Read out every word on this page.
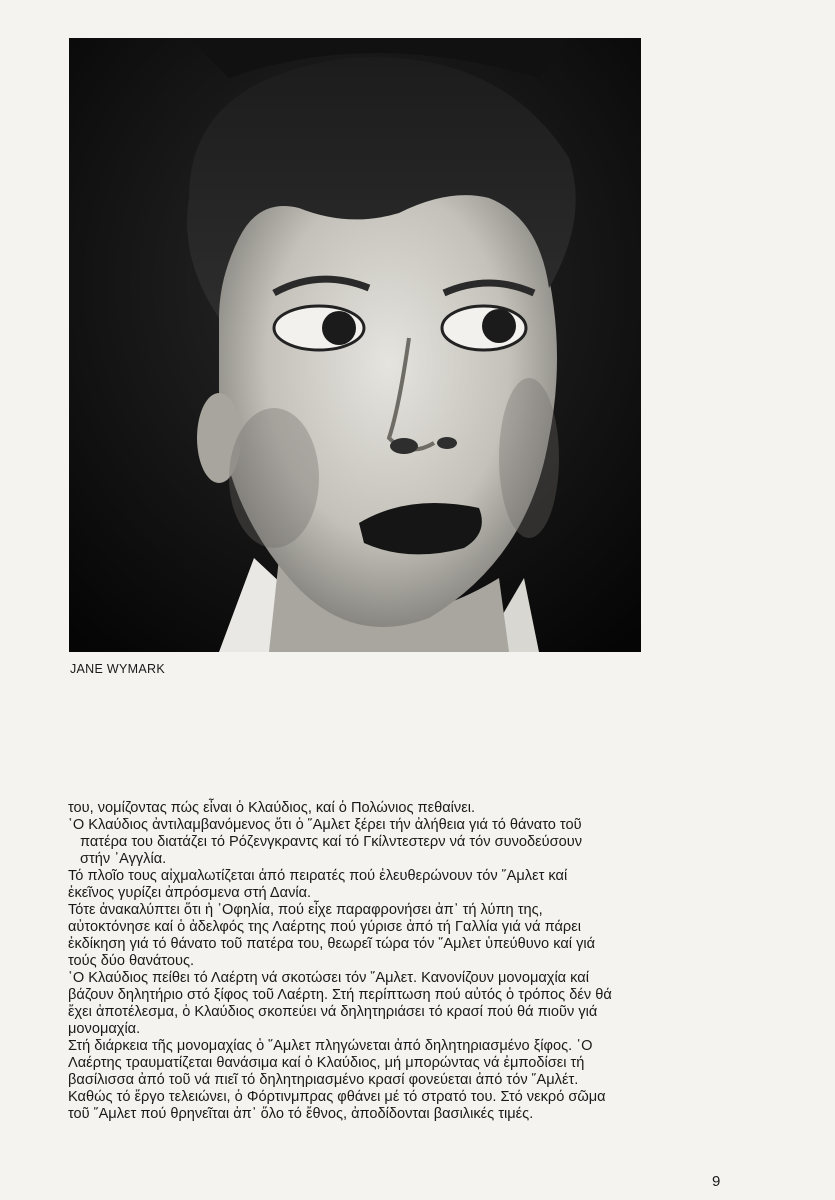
JANE WYMARK

του, νομίζοντας πώς εἶναι ὁ Κλαύδιος, καί ὁ Πολώνιος πεθαίνει.

῾Ο Κλαύδιος ἀντιλαμβανόμενος ὅτι ὁ ῞Αμλετ ξέρει τήν ἀλήθεια γιά τό θάνατο τοῦ

πατέρα του διατάζει τό Ρόζενγκραντς καί τό Γκίλντεστερν νά τόν συνοδεύσουν

στήν ᾿Αγγλία.

Τό πλοῖο τους αἰχμαλωτίζεται ἀπό πειρατές πού ἐλευθερώνουν τόν ῞Αμλετ καί

ἐκεῖνος γυρίζει ἀπρόσμενα στή Δανία.

Τότε ἀνακαλύπτει ὅτι ἡ ᾿Οφηλία, πού εἶχε παραφρονήσει ἀπ᾿ τή λύπη της,

αὐτοκτόνησε καί ὁ ἀδελφός της Λαέρτης πού γύρισε ἀπό τή Γαλλία γιά νά πάρει

ἐκδίκηση γιά τό θάνατο τοῦ πατέρα του, θεωρεῖ τώρα τόν ῞Αμλετ ὑπεύθυνο καί γιά

τούς δύο θανάτους.

῾Ο Κλαύδιος πείθει τό Λαέρτη νά σκοτώσει τόν ῞Αμλετ. Κανονίζουν μονομαχία καί

βάζουν δηλητήριο στό ξίφος τοῦ Λαέρτη. Στή περίπτωση πού αὐτός ὁ τρόπος δέν θά

ἔχει ἀποτέλεσμα, ὁ Κλαύδιος σκοπεύει νά δηλητηριάσει τό κρασί πού θά πιοῦν γιά

μονομαχία.

Στή διάρκεια τῆς μονομαχίας ὁ ῞Αμλετ πληγώνεται ἀπό δηλητηριασμένο ξίφος. ῾Ο

Λαέρτης τραυματίζεται θανάσιμα καί ὁ Κλαύδιος, μή μπορώντας νά ἐμποδίσει τή

βασίλισσα ἀπό τοῦ νά πιεῖ τό δηλητηριασμένο κρασί φονεύεται ἀπό τόν ῞Αμλέτ.

Καθώς τό ἔργο τελειώνει, ὁ Φόρτινμπρας φθάνει μέ τό στρατό του. Στό νεκρό σῶμα

τοῦ ῞Αμλετ πού θρηνεῖται ἀπ᾿ ὅλο τό ἔθνος, ἀποδίδονται βασιλικές τιμές.

9
